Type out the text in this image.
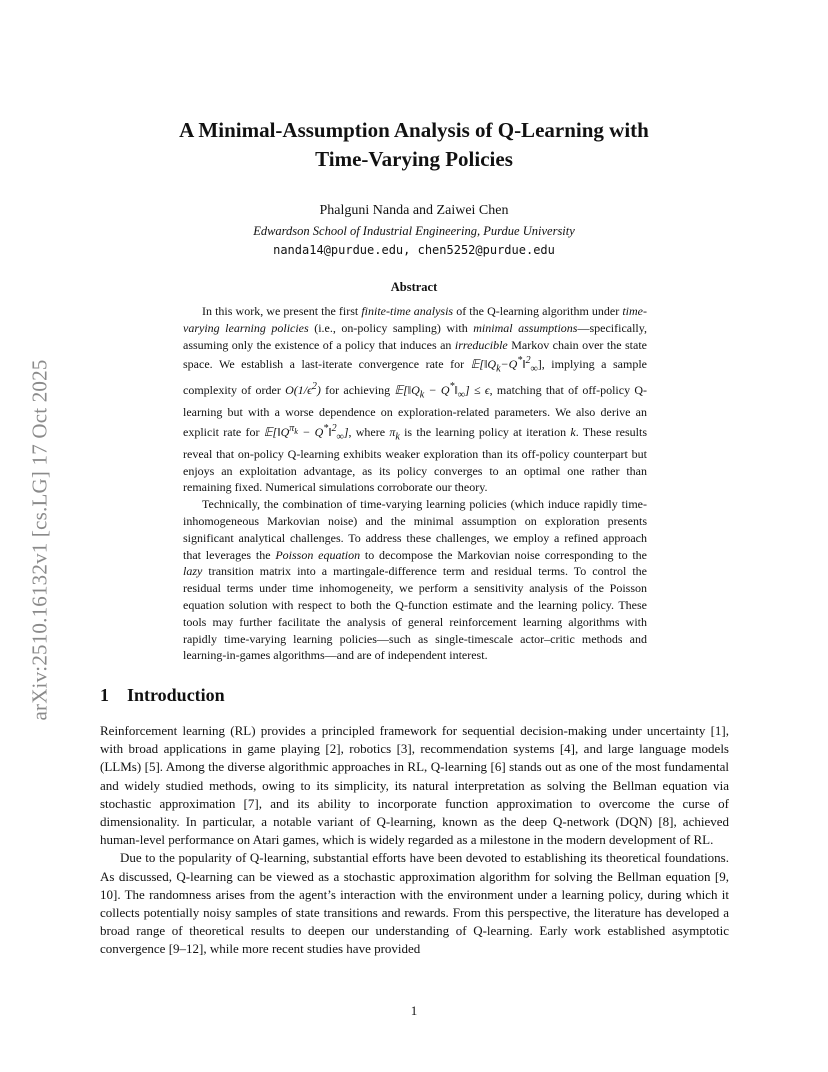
arXiv:2510.16132v1 [cs.LG] 17 Oct 2025
A Minimal-Assumption Analysis of Q-Learning with
Time-Varying Policies
Phalguni Nanda and Zaiwei Chen
Edwardson School of Industrial Engineering, Purdue University
nanda14@purdue.edu, chen5252@purdue.edu
Abstract

In this work, we present the first finite-time analysis of the Q-learning algorithm under time-varying learning policies (i.e., on-policy sampling) with minimal assumptions—specifically, assuming only the existence of a policy that induces an irreducible Markov chain over the state space. We establish a last-iterate convergence rate for $𝔼[‖Q_k-Q^*‖^2_\infty]$, implying a sample complexity of order $O(1/\epsilon^2)$ for achieving $𝔼[‖Q_k$ − $Q^*‖_\infty] \le \epsilon$, matching that of off-policy Q-learning but with a worse dependence on exploration-related parameters. We also derive an explicit rate for $𝔼[‖Q^{\pi_k}$ − Q*‖$^2_\infty$], where $\pi_k$ is the learning policy at iteration k. These results reveal that on-policy Q-learning exhibits weaker exploration than its off-policy counterpart but enjoys an exploitation advantage, as its policy converges to an optimal one rather than remaining fixed. Numerical simulations corroborate our theory.

Technically, the combination of time-varying learning policies (which induce rapidly time-inhomogeneous Markovian noise) and the minimal assumption on exploration presents significant analytical challenges. To address these challenges, we employ a refined approach that leverages the Poisson equation to decompose the Markovian noise corresponding to the lazy transition matrix into a martingale-difference term and residual terms. To control the residual terms under time inhomogeneity, we perform a sensitivity analysis of the Poisson equation solution with respect to both the Q-function estimate and the learning policy. These tools may further facilitate the analysis of general reinforcement learning algorithms with rapidly time-varying learning policies—such as single-timescale actor–critic methods and learning-in-games algorithms—and are of independent interest.

1 Introduction

Reinforcement learning (RL) provides a principled framework for sequential decision-making under uncertainty [1], with broad applications in game playing [2], robotics [3], recommendation systems [4], and large language models (LLMs) [5]. Among the diverse algorithmic approaches in RL, Q-learning [6] stands out as one of the most fundamental and widely studied methods, owing to its simplicity, its natural interpretation as solving the Bellman equation via stochastic approximation [7], and its ability to incorporate function approximation to overcome the curse of dimensionality. In particular, a notable variant of Q-learning, known as the deep Q-network (DQN) [8], achieved human-level performance on Atari games, which is widely regarded as a milestone in the modern development of RL.

Due to the popularity of Q-learning, substantial efforts have been devoted to establishing its theoretical foundations. As discussed, Q-learning can be viewed as a stochastic approximation algorithm for solving the Bellman equation [9, 10]. The randomness arises from the agent’s interaction with the environment under a learning policy, during which it collects potentially noisy samples of state transitions and rewards. From this perspective, the literature has developed a broad range of theoretical results to deepen our understanding of Q-learning. Early work established asymptotic convergence [9–12], while more recent studies have provided

1
